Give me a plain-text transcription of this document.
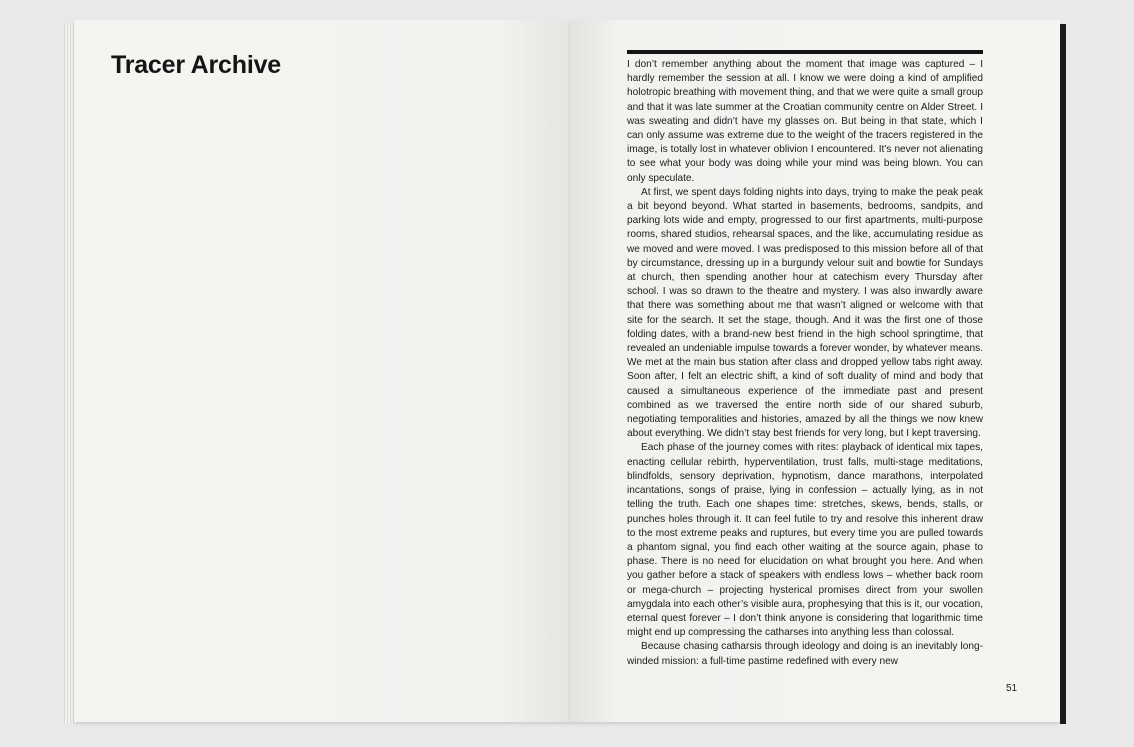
Tracer Archive	I don’t remember anything about the moment that image was captured – I hardly remember the session at all. I know we were doing a kind of amplified holotropic breathing with movement thing, and that we were quite a small group and that it was late summer at the Croatian community centre on Alder Street. I was sweating and didn’t have my glasses on. But being in that state, which I can only assume was extreme due to the weight of the tracers registered in the image, is totally lost in whatever oblivion I encountered. It’s never not alienating to see what your body was doing while your mind was being blown. You can only speculate.

At first, we spent days folding nights into days, trying to make the peak peak a bit beyond beyond. What started in basements, bedrooms, sandpits, and parking lots wide and empty, progressed to our first apartments, multi-purpose rooms, shared studios, rehearsal spaces, and the like, accumulating residue as we moved and were moved. I was predisposed to this mission before all of that by circumstance, dressing up in a burgundy velour suit and bowtie for Sundays at church, then spending another hour at catechism every Thursday after school. I was so drawn to the theatre and mystery. I was also inwardly aware that there was something about me that wasn’t aligned or welcome with that site for the search. It set the stage, though. And it was the first one of those folding dates, with a brand-new best friend in the high school springtime, that revealed an undeniable impulse towards a forever wonder, by whatever means. We met at the main bus station after class and dropped yellow tabs right away. Soon after, I felt an electric shift, a kind of soft duality of mind and body that caused a simultaneous experience of the immediate past and present combined as we traversed the entire north side of our shared suburb, negotiating temporalities and histories, amazed by all the things we now knew about everything. We didn’t stay best friends for very long, but I kept traversing.

Each phase of the journey comes with rites: playback of identical mix tapes, enacting cellular rebirth, hyperventilation, trust falls, multi-stage meditations, blindfolds, sensory deprivation, hypnotism, dance marathons, interpolated incantations, songs of praise, lying in confession – actually lying, as in not telling the truth. Each one shapes time: stretches, skews, bends, stalls, or punches holes through it. It can feel futile to try and resolve this inherent draw to the most extreme peaks and ruptures, but every time you are pulled towards a phantom signal, you find each other waiting at the source again, phase to phase. There is no need for elucidation on what brought you here. And when you gather before a stack of speakers with endless lows – whether back room or mega-church – projecting hysterical promises direct from your swollen amygdala into each other’s visible aura, prophesying that this is it, our vocation, eternal quest forever – I don’t think anyone is considering that logarithmic time might end up compressing the catharses into anything less than colossal.

Because chasing catharsis through ideology and doing is an inevitably long-winded mission: a full-time pastime redefined with every new

51
